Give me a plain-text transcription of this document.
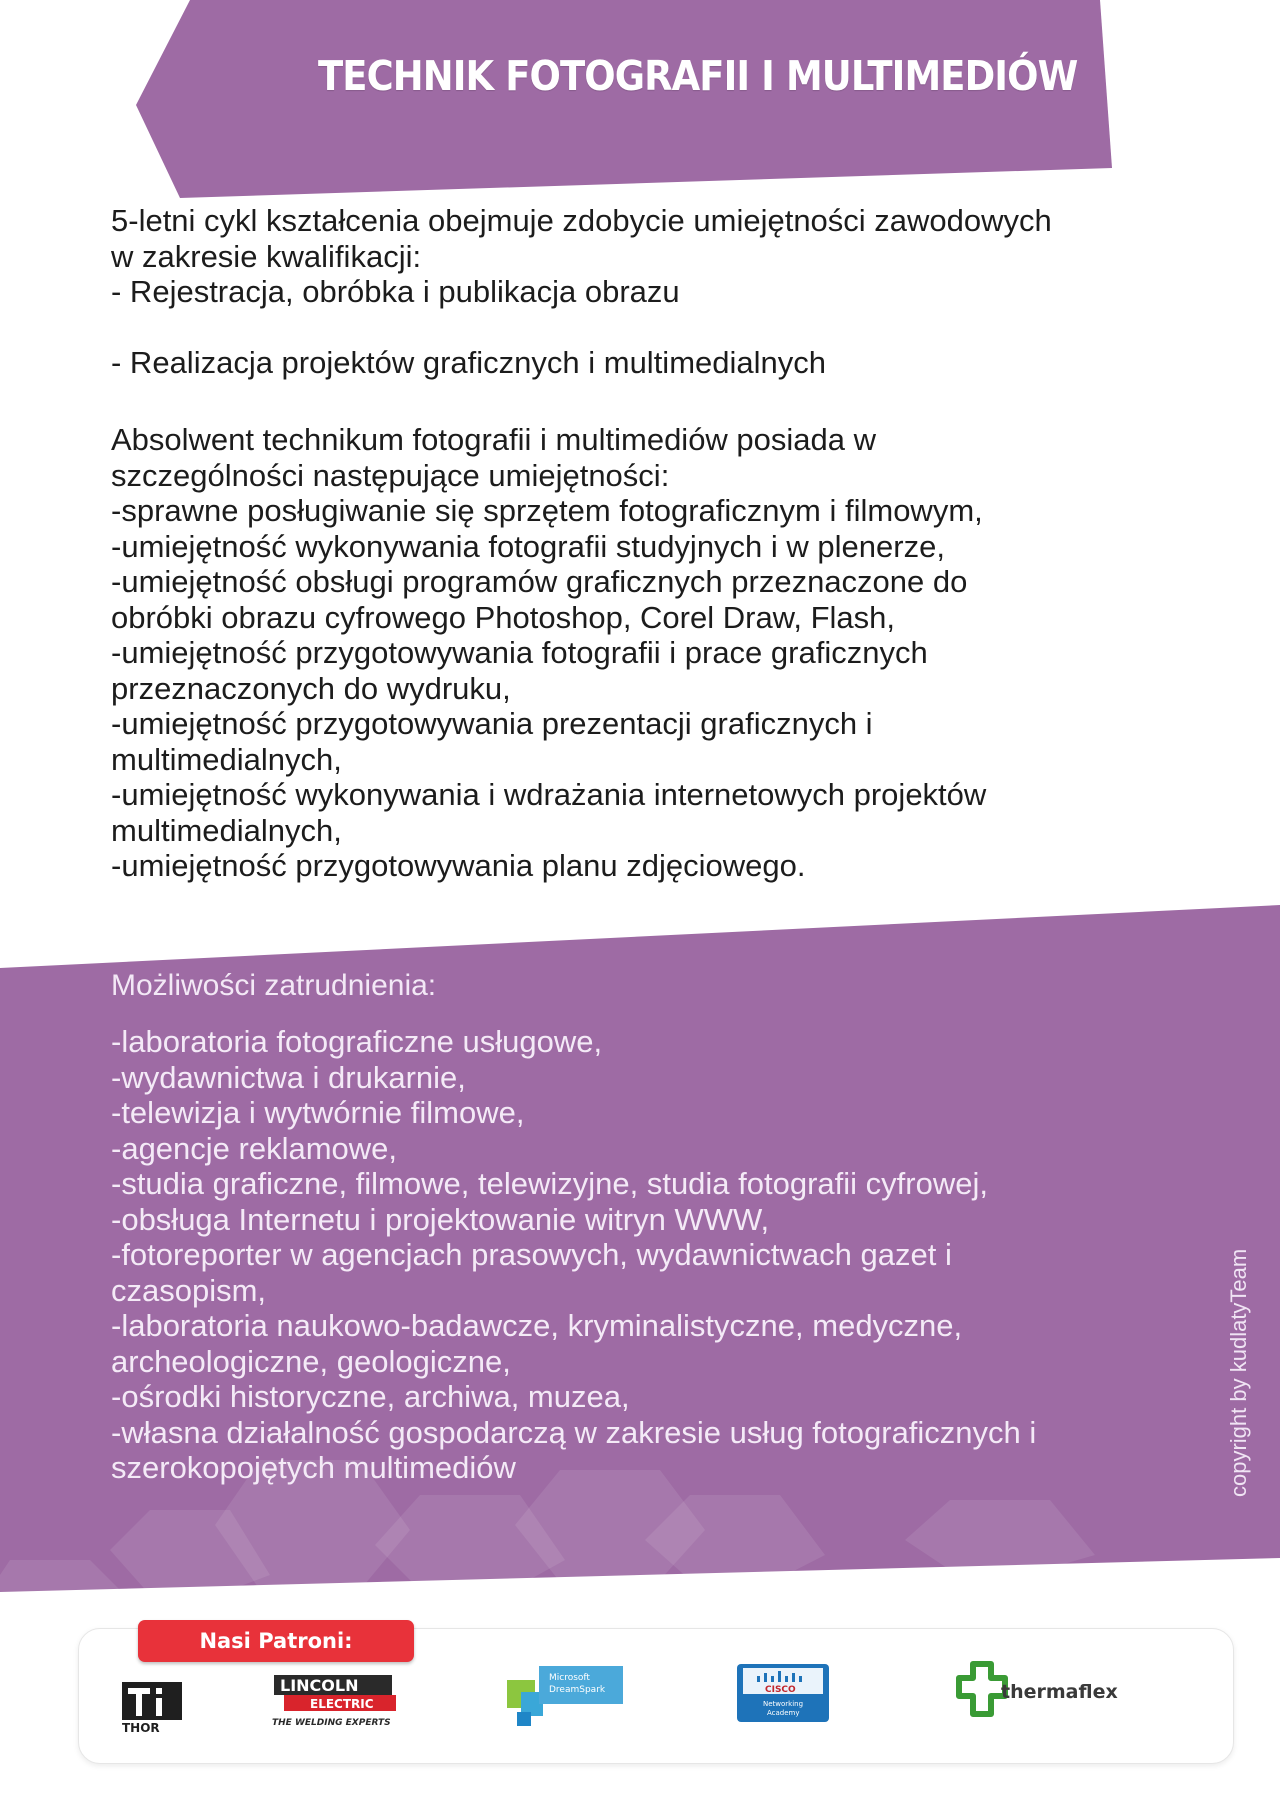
TECHNIK FOTOGRAFII I MULTIMEDIÓW

5-letni cykl kształcenia obejmuje zdobycie umiejętności zawodowych

w zakresie kwalifikacji:

- Rejestracja, obróbka i publikacja obrazu

- Realizacja projektów graficznych i multimedialnych

Absolwent technikum fotografii i multimediów posiada w

szczególności następujące umiejętności:

-sprawne posługiwanie się sprzętem fotograficznym i filmowym,

-umiejętność wykonywania fotografii studyjnych i w plenerze,

-umiejętność obsługi programów graficznych przeznaczone do

obróbki obrazu cyfrowego Photoshop, Corel Draw, Flash,

-umiejętność przygotowywania fotografii i prace graficznych

przeznaczonych do wydruku,

-umiejętność przygotowywania prezentacji graficznych i

multimedialnych,

-umiejętność wykonywania i wdrażania internetowych projektów

multimedialnych,

-umiejętność przygotowywania planu zdjęciowego.

Możliwości zatrudnienia:

-laboratoria fotograficzne usługowe,

-wydawnictwa i drukarnie,

-telewizja i wytwórnie filmowe,

-agencje reklamowe,

-studia graficzne, filmowe, telewizyjne, studia fotografii cyfrowej,

-obsługa Internetu i projektowanie witryn WWW,

-fotoreporter w agencjach prasowych, wydawnictwach gazet i

czasopism,

-laboratoria naukowo-badawcze, kryminalistyczne, medyczne,

archeologiczne, geologiczne,

-ośrodki historyczne, archiwa, muzea,

-własna działalność gospodarczą w zakresie usług fotograficznych i

szerokopojętych multimediów	copyright by kudlatyTeam
Nasi Patroni:
THOR
LINCOLN
ELECTRIC
THE WELDING EXPERTS
Microsoft
DreamSpark	CISCO
Networking
Academy
thermaflex
